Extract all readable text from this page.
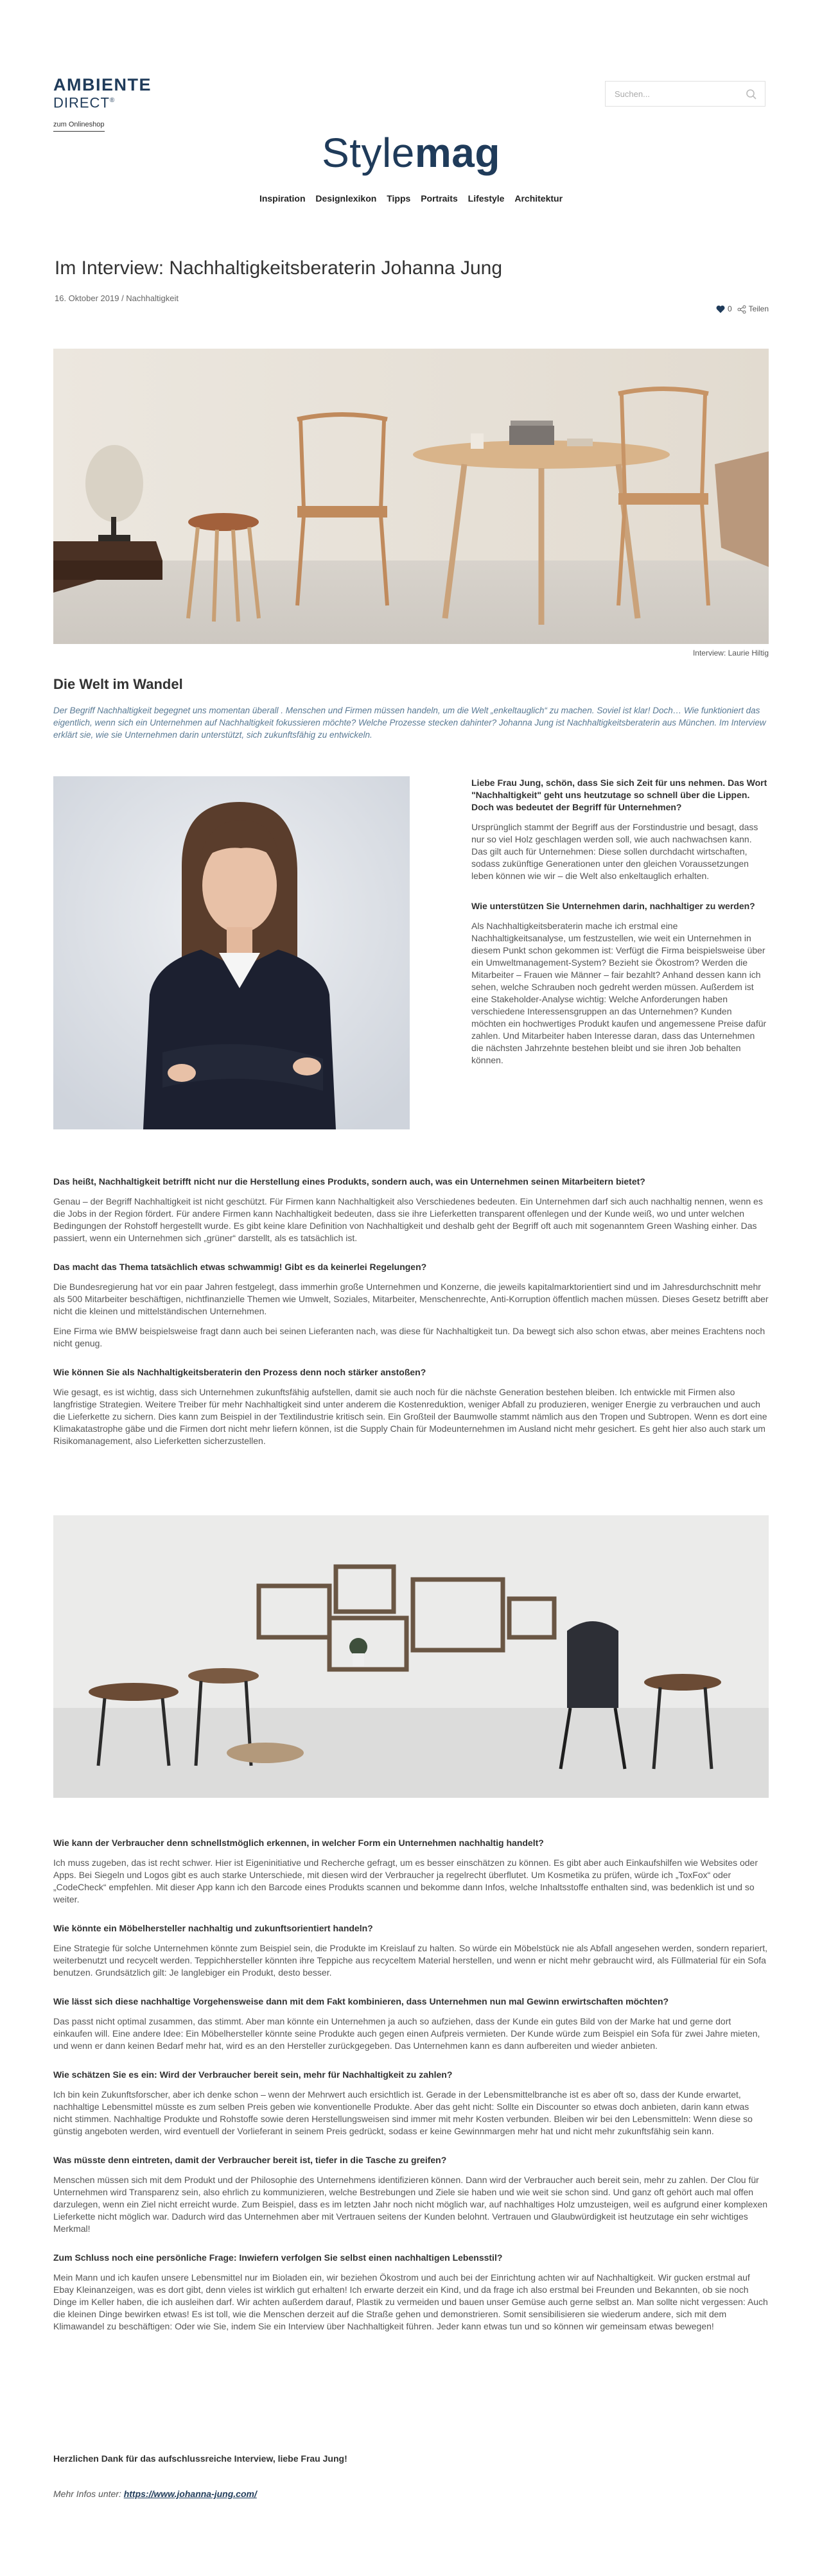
AMBIENTE
DIRECT®
zum Onlineshop
Suchen...
Stylemag
Inspiration Designlexikon Tipps Portraits Lifestyle Architektur
Im Interview: Nachhaltigkeitsberaterin Johanna Jung
16. Oktober 2019 / Nachhaltigkeit
0 Teilen
Interview: Laurie Hiltig
Die Welt im Wandel

Der Begriff Nachhaltigkeit begegnet uns momentan überall . Menschen und Firmen müssen handeln, um die Welt „enkeltauglich“ zu machen. Soviel ist klar! Doch… Wie funktioniert das eigentlich, wenn sich ein Unternehmen auf Nachhaltigkeit fokussieren möchte? Welche Prozesse stecken dahinter? Johanna Jung ist Nachhaltigkeitsberaterin aus München. Im Interview erklärt sie, wie sie Unternehmen darin unterstützt, sich zukunftsfähig zu entwickeln.

Liebe Frau Jung, schön, dass Sie sich Zeit für uns nehmen. Das Wort "Nachhaltigkeit" geht uns heutzutage so schnell über die Lippen. Doch was bedeutet der Begriff für Unternehmen?

Ursprünglich stammt der Begriff aus der Forstindustrie und besagt, dass nur so viel Holz geschlagen werden soll, wie auch nachwachsen kann. Das gilt auch für Unternehmen: Diese sollen durchdacht wirtschaften, sodass zukünftige Generationen unter den gleichen Voraussetzungen leben können wie wir – die Welt also enkeltauglich erhalten.

Wie unterstützen Sie Unternehmen darin, nachhaltiger zu werden?

Als Nachhaltigkeitsberaterin mache ich erstmal eine Nachhaltigkeitsanalyse, um festzustellen, wie weit ein Unternehmen in diesem Punkt schon gekommen ist: Verfügt die Firma beispielsweise über ein Umweltmanagement-System? Bezieht sie Ökostrom? Werden die Mitarbeiter – Frauen wie Männer – fair bezahlt? Anhand dessen kann ich sehen, welche Schrauben noch gedreht werden müssen. Außerdem ist eine Stakeholder-Analyse wichtig: Welche Anforderungen haben verschiedene Interessensgruppen an das Unternehmen? Kunden möchten ein hochwertiges Produkt kaufen und angemessene Preise dafür zahlen. Und Mitarbeiter haben Interesse daran, dass das Unternehmen die nächsten Jahrzehnte bestehen bleibt und sie ihren Job behalten können.

Das heißt, Nachhaltigkeit betrifft nicht nur die Herstellung eines Produkts, sondern auch, was ein Unternehmen seinen Mitarbeitern bietet?

Genau – der Begriff Nachhaltigkeit ist nicht geschützt. Für Firmen kann Nachhaltigkeit also Verschiedenes bedeuten. Ein Unternehmen darf sich auch nachhaltig nennen, wenn es die Jobs in der Region fördert. Für andere Firmen kann Nachhaltigkeit bedeuten, dass sie ihre Lieferketten transparent offenlegen und der Kunde weiß, wo und unter welchen Bedingungen der Rohstoff hergestellt wurde. Es gibt keine klare Definition von Nachhaltigkeit und deshalb geht der Begriff oft auch mit sogenanntem Green Washing einher. Das passiert, wenn ein Unternehmen sich „grüner“ darstellt, als es tatsächlich ist.

Das macht das Thema tatsächlich etwas schwammig! Gibt es da keinerlei Regelungen?

Die Bundesregierung hat vor ein paar Jahren festgelegt, dass immerhin große Unternehmen und Konzerne, die jeweils kapitalmarktorientiert sind und im Jahresdurchschnitt mehr als 500 Mitarbeiter beschäftigen, nichtfinanzielle Themen wie Umwelt, Soziales, Mitarbeiter, Menschenrechte, Anti-Korruption öffentlich machen müssen. Dieses Gesetz betrifft aber nicht die kleinen und mittelständischen Unternehmen.

Eine Firma wie BMW beispielsweise fragt dann auch bei seinen Lieferanten nach, was diese für Nachhaltigkeit tun. Da bewegt sich also schon etwas, aber meines Erachtens noch nicht genug.

Wie können Sie als Nachhaltigkeitsberaterin den Prozess denn noch stärker anstoßen?

Wie gesagt, es ist wichtig, dass sich Unternehmen zukunftsfähig aufstellen, damit sie auch noch für die nächste Generation bestehen bleiben. Ich entwickle mit Firmen also langfristige Strategien. Weitere Treiber für mehr Nachhaltigkeit sind unter anderem die Kostenreduktion, weniger Abfall zu produzieren, weniger Energie zu verbrauchen und auch die Lieferkette zu sichern. Dies kann zum Beispiel in der Textilindustrie kritisch sein. Ein Großteil der Baumwolle stammt nämlich aus den Tropen und Subtropen. Wenn es dort eine Klimakatastrophe gäbe und die Firmen dort nicht mehr liefern können, ist die Supply Chain für Modeunternehmen im Ausland nicht mehr gesichert. Es geht hier also auch stark um Risikomanagement, also Lieferketten sicherzustellen.

Wie kann der Verbraucher denn schnellstmöglich erkennen, in welcher Form ein Unternehmen nachhaltig handelt?

Ich muss zugeben, das ist recht schwer. Hier ist Eigeninitiative und Recherche gefragt, um es besser einschätzen zu können. Es gibt aber auch Einkaufshilfen wie Websites oder Apps. Bei Siegeln und Logos gibt es auch starke Unterschiede, mit diesen wird der Verbraucher ja regelrecht überflutet. Um Kosmetika zu prüfen, würde ich „ToxFox“ oder „CodeCheck“ empfehlen. Mit dieser App kann ich den Barcode eines Produkts scannen und bekomme dann Infos, welche Inhaltsstoffe enthalten sind, was bedenklich ist und so weiter.

Wie könnte ein Möbelhersteller nachhaltig und zukunftsorientiert handeln?

Eine Strategie für solche Unternehmen könnte zum Beispiel sein, die Produkte im Kreislauf zu halten. So würde ein Möbelstück nie als Abfall angesehen werden, sondern repariert, weiterbenutzt und recycelt werden. Teppichhersteller könnten ihre Teppiche aus recyceltem Material herstellen, und wenn er nicht mehr gebraucht wird, als Füllmaterial für ein Sofa benutzen. Grundsätzlich gilt: Je langlebiger ein Produkt, desto besser.

Wie lässt sich diese nachhaltige Vorgehensweise dann mit dem Fakt kombinieren, dass Unternehmen nun mal Gewinn erwirtschaften möchten?

Das passt nicht optimal zusammen, das stimmt. Aber man könnte ein Unternehmen ja auch so aufziehen, dass der Kunde ein gutes Bild von der Marke hat und gerne dort einkaufen will. Eine andere Idee: Ein Möbelhersteller könnte seine Produkte auch gegen einen Aufpreis vermieten. Der Kunde würde zum Beispiel ein Sofa für zwei Jahre mieten, und wenn er dann keinen Bedarf mehr hat, wird es an den Hersteller zurückgegeben. Das Unternehmen kann es dann aufbereiten und wieder anbieten.

Wie schätzen Sie es ein: Wird der Verbraucher bereit sein, mehr für Nachhaltigkeit zu zahlen?

Ich bin kein Zukunftsforscher, aber ich denke schon – wenn der Mehrwert auch ersichtlich ist. Gerade in der Lebensmittelbranche ist es aber oft so, dass der Kunde erwartet, nachhaltige Lebensmittel müsste es zum selben Preis geben wie konventionelle Produkte. Aber das geht nicht: Sollte ein Discounter so etwas doch anbieten, darin kann etwas nicht stimmen. Nachhaltige Produkte und Rohstoffe sowie deren Herstellungsweisen sind immer mit mehr Kosten verbunden. Bleiben wir bei den Lebensmitteln: Wenn diese so günstig angeboten werden, wird eventuell der Vorlieferant in seinem Preis gedrückt, sodass er keine Gewinnmargen mehr hat und nicht mehr zukunftsfähig sein kann.

Was müsste denn eintreten, damit der Verbraucher bereit ist, tiefer in die Tasche zu greifen?

Menschen müssen sich mit dem Produkt und der Philosophie des Unternehmens identifizieren können. Dann wird der Verbraucher auch bereit sein, mehr zu zahlen. Der Clou für Unternehmen wird Transparenz sein, also ehrlich zu kommunizieren, welche Bestrebungen und Ziele sie haben und wie weit sie schon sind. Und ganz oft gehört auch mal offen darzulegen, wenn ein Ziel nicht erreicht wurde. Zum Beispiel, dass es im letzten Jahr noch nicht möglich war, auf nachhaltiges Holz umzusteigen, weil es aufgrund einer komplexen Lieferkette nicht möglich war. Dadurch wird das Unternehmen aber mit Vertrauen seitens der Kunden belohnt. Vertrauen und Glaubwürdigkeit ist heutzutage ein sehr wichtiges Merkmal!

Zum Schluss noch eine persönliche Frage: Inwiefern verfolgen Sie selbst einen nachhaltigen Lebensstil?

Mein Mann und ich kaufen unsere Lebensmittel nur im Bioladen ein, wir beziehen Ökostrom und auch bei der Einrichtung achten wir auf Nachhaltigkeit. Wir gucken erstmal auf Ebay Kleinanzeigen, was es dort gibt, denn vieles ist wirklich gut erhalten! Ich erwarte derzeit ein Kind, und da frage ich also erstmal bei Freunden und Bekannten, ob sie noch Dinge im Keller haben, die ich ausleihen darf. Wir achten außerdem darauf, Plastik zu vermeiden und bauen unser Gemüse auch gerne selbst an. Man sollte nicht vergessen: Auch die kleinen Dinge bewirken etwas! Es ist toll, wie die Menschen derzeit auf die Straße gehen und demonstrieren. Somit sensibilisieren sie wiederum andere, sich mit dem Klimawandel zu beschäftigen: Oder wie Sie, indem Sie ein Interview über Nachhaltigkeit führen. Jeder kann etwas tun und so können wir gemeinsam etwas bewegen!

Herzlichen Dank für das aufschlussreiche Interview, liebe Frau Jung!

Mehr Infos unter: https://www.johanna-jung.com/
